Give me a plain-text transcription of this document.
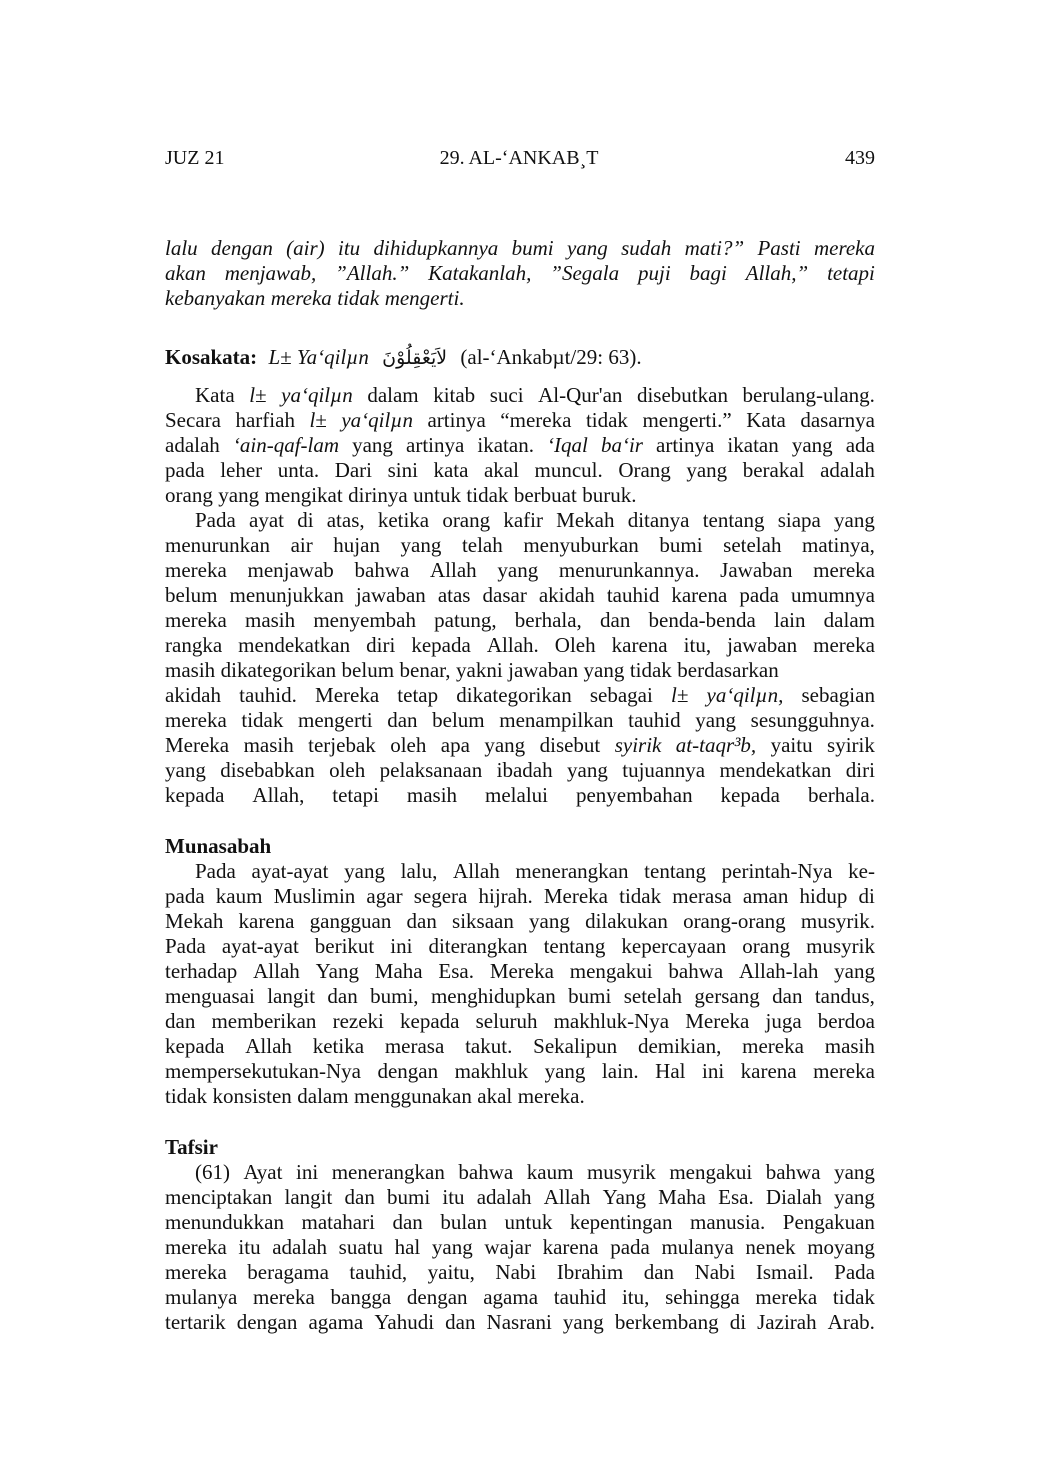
JUZ 21	29. AL-‘ANKAB¸T	439
lalu dengan (air) itu dihidupkannya bumi yang sudah mati?” Pasti mereka
akan menjawab, ”Allah.” Katakanlah, ”Segala puji bagi Allah,” tetapi
kebanyakan mereka tidak mengerti.
Kosakata: L± Ya‘qilµn لاَيَعْقِلُوْنَ (al-‘Ankabµt/29: 63).
Kata l± ya‘qilµn dalam kitab suci Al-Qur'an disebutkan berulang-ulang.
Secara harfiah l± ya‘qilµn artinya “mereka tidak mengerti.” Kata dasarnya
adalah ‘ain-qaf-lam yang artinya ikatan. ‘Iqal ba‘ir artinya ikatan yang ada
pada leher unta. Dari sini kata akal muncul. Orang yang berakal adalah
orang yang mengikat dirinya untuk tidak berbuat buruk.
Pada ayat di atas, ketika orang kafir Mekah ditanya tentang siapa yang
menurunkan air hujan yang telah menyuburkan bumi setelah matinya,
mereka menjawab bahwa Allah yang menurunkannya. Jawaban mereka
belum menunjukkan jawaban atas dasar akidah tauhid karena pada umumnya
mereka masih menyembah patung, berhala, dan benda-benda lain dalam
rangka mendekatkan diri kepada Allah. Oleh karena itu, jawaban mereka
masih dikategorikan belum benar, yakni jawaban yang tidak berdasarkan
akidah tauhid. Mereka tetap dikategorikan sebagai l± ya‘qilµn, sebagian
mereka tidak mengerti dan belum menampilkan tauhid yang sesungguhnya.
Mereka masih terjebak oleh apa yang disebut syirik at-taqr³b, yaitu syirik
yang disebabkan oleh pelaksanaan ibadah yang tujuannya mendekatkan diri
kepada Allah, tetapi masih melalui penyembahan kepada berhala.
Munasabah
Pada ayat-ayat yang lalu, Allah menerangkan tentang perintah-Nya ke-
pada kaum Muslimin agar segera hijrah. Mereka tidak merasa aman hidup di
Mekah karena gangguan dan siksaan yang dilakukan orang-orang musyrik.
Pada ayat-ayat berikut ini diterangkan tentang kepercayaan orang musyrik
terhadap Allah Yang Maha Esa. Mereka mengakui bahwa Allah-lah yang
menguasai langit dan bumi, menghidupkan bumi setelah gersang dan tandus,
dan memberikan rezeki kepada seluruh makhluk-Nya Mereka juga berdoa
kepada Allah ketika merasa takut. Sekalipun demikian, mereka masih
mempersekutukan-Nya dengan makhluk yang lain. Hal ini karena mereka
tidak konsisten dalam menggunakan akal mereka.
Tafsir
(61) Ayat ini menerangkan bahwa kaum musyrik mengakui bahwa yang
menciptakan langit dan bumi itu adalah Allah Yang Maha Esa. Dialah yang
menundukkan matahari dan bulan untuk kepentingan manusia. Pengakuan
mereka itu adalah suatu hal yang wajar karena pada mulanya nenek moyang
mereka beragama tauhid, yaitu, Nabi Ibrahim dan Nabi Ismail. Pada
mulanya mereka bangga dengan agama tauhid itu, sehingga mereka tidak
tertarik dengan agama Yahudi dan Nasrani yang berkembang di Jazirah Arab.
